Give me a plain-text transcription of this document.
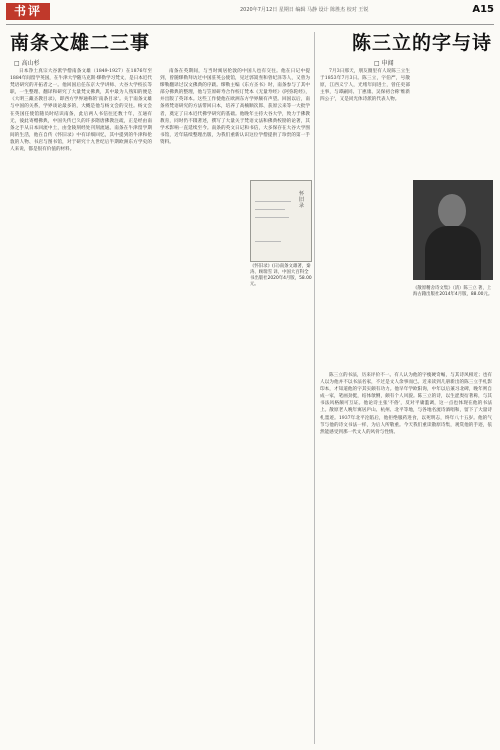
书评	2020年7月12日 星期日 编辑 马静 设计 陈胜杰 校对 王锐	A15
南条文雄二三事
□ 高山杉

日本净土真宗大谷派学僧南条文雄（1849-1927）在1876年至1884年间留学英国，在牛津大学随马克斯·缪勒学习梵文，是日本近代梵语研究的开拓者之一。他回国后任东京大学讲师、大谷大学校长等职，一生整理、翻译和研究了大量梵文佛典，其中最为人熟知的便是《大明三藏圣教目录》，即西方学界通称的'南条目录'。关于南条文雄与中国的关系，学界谈论最多的，大概是他与杨文会的交往。杨文会在英国任使馆随员时结识南条，此后两人书信往还数十年，互通有无，彼此寄赠佛典，中国失传已久的许多隋唐佛教注疏，正是经由南条之手从日本回流中土，由金陵刻经处刊刻流通。南条在牛津留学期间的生活，他在自传《怀旧录》中有详细回忆，其中提到的牛津和伦敦的人物、书店与图书馆，对于研究十九世纪后半期欧洲东方学史的人来说，都是很有价值的材料。

南条在英期间，与当时寓居伦敦的中国人也有交往。他在日记中提到，曾随缪勒拜访过中国驻英公使馆，见过郭嵩焘和曾纪泽等人，又曾为缪勒翻译过汉文佛典的序跋。缪勒主编《东方圣书》时，南条参与了其中部分佛典的整理，他与笠原研寿合作校订梵本《无量寿经》《阿弥陀经》，并出版了英译本。这些工作使他在欧洲东方学界颇有声望。回国以后，南条将梵语研究的方法带回日本，培养了高楠顺次郎、获原云来等一大批学者，奠定了日本近代佛学研究的基础。他晚年主持大谷大学，致力于佛教教育，同时仍不辍著述，撰写了大量关于梵语文法和佛典校勘的论著，其学术影响一直延续至今。南条的英文日记和书信，大多保存在大谷大学图书馆，近年陆续整理出版，为我们重新认识这位学僧提供了珍贵的第一手资料。

怀旧录
《怀旧录》(日)南条文雄著，秦涛、顾瑞雪 译，中国大百科全书出版社2020年4月版，58.00元。
陈三立的字与诗
□ 申闻

7月3日那天，朋友圈里有人说陈三立生于1853年7月3日。陈三立，字伯严，号散原，江西义宁人，光绪年间进士，曾任吏部主事，与谭嗣同、丁惠康、吴保初合称'维新四公子'，又是同光体诗派的代表人物。

《散原精舍诗文集》（清）陈三立 著，上海古籍出版社2014年4月版，88.00元。

陈三立的书法，历来评价不一。有人认为他的字瘦硬奇崛，与其诗风相近；也有人以为他并不以书法名家，不过是文人余事而已。近来读到几册新出的陈三立手札影印本，才知道他的字其实颇有功力。他早年学欧阳询，中年以后兼习北碑，晚年则自成一家，笔画劲挺，结体欹侧，颇有个人风貌。陈三立的诗，以生涩奥衍著称，与其书法风格颇可互证。他论诗主张'不俗'，反对平庸滥调，这一点也体现在他的书法上。散原老人晚年寓居庐山、杭州、北平等地，与各地名流诗酒唱和，留下了大量诗札墨迹。1937年北平沦陷后，他拒绝服药进食，以死明志，终年八十五岁。他的气节与他的诗文书法一样，为后人所敬重。今天我们重读散原诗集，观赏他的手迹，依然能感受到那一代文人的风骨与性情。
